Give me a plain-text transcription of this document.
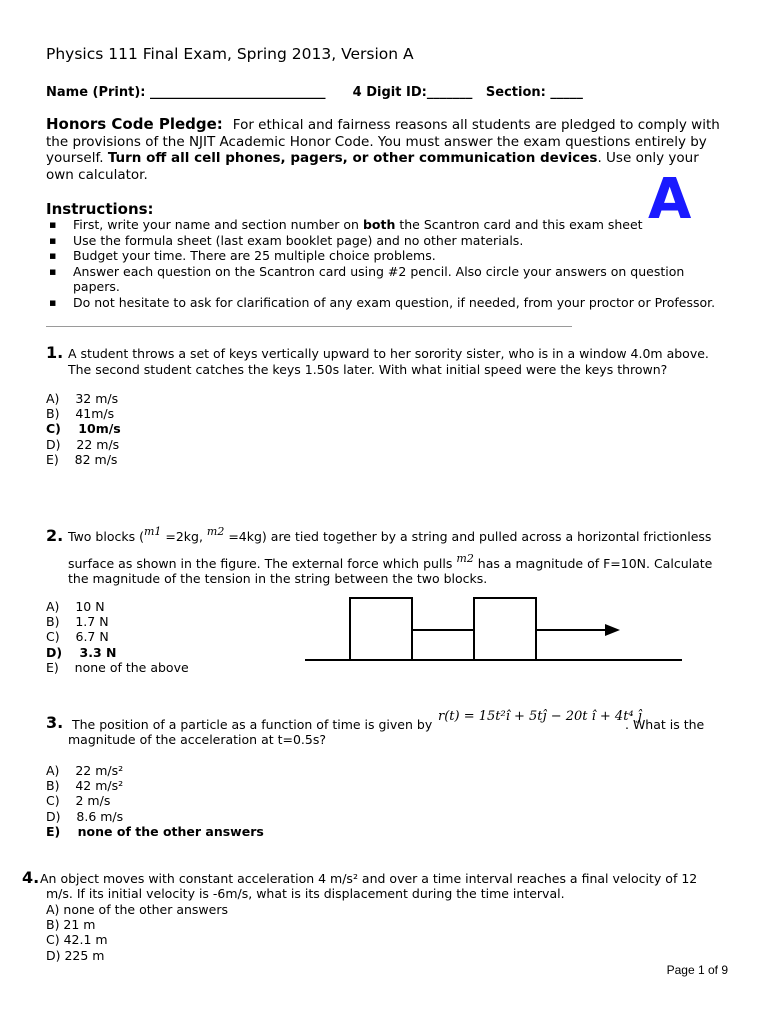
Physics 111 Final Exam, Spring 2013, Version A
Name (Print): ___________________________ 4 Digit ID:_______ Section: _____
Honors Code Pledge: For ethical and fairness reasons all students are pledged to comply with the provisions of the NJIT Academic Honor Code. You must answer the exam questions entirely by yourself. Turn off all cell phones, pagers, or other communication devices. Use only your own calculator.	A
Instructions:
▪ First, write your name and section number on both the Scantron card and this exam sheet
▪ Use the formula sheet (last exam booklet page) and no other materials.
▪ Budget your time. There are 25 multiple choice problems.
▪ Answer each question on the Scantron card using #2 pencil. Also circle your answers on question papers.
▪ Do not hesitate to ask for clarification of any exam question, if needed, from your proctor or Professor.
1. A student throws a set of keys vertically upward to her sorority sister, who is in a window 4.0m above.
The second student catches the keys 1.50s later. With what initial speed were the keys thrown?
A)    32 m/s
B)    41m/s
C)    10m/s
D)    22 m/s
E)    82 m/s
2. Two blocks (m1 =2kg, m2 =4kg) are tied together by a string and pulled across a horizontal frictionless
surface as shown in the figure. The external force which pulls m2 has a magnitude of F=10N. Calculate
the magnitude of the tension in the string between the two blocks.
A)    10 N
B)    1.7 N
C)    6.7 N
D)    3.3 N
E)    none of the above
3. The position of a particle as a function of time is given by
r(t) = 15t²î + 5tĵ − 20t î + 4t⁴ ĵ
. What is the
magnitude of the acceleration at t=0.5s?
A)    22 m/s²
B)    42 m/s²
C)    2 m/s
D)    8.6 m/s
E)    none of the other answers
4. An object moves with constant acceleration 4 m/s² and over a time interval reaches a final velocity of 12
m/s. If its initial velocity is -6m/s, what is its displacement during the time interval.
A) none of the other answers
B) 21 m
C) 42.1 m
D) 225 m
Page 1 of 9
